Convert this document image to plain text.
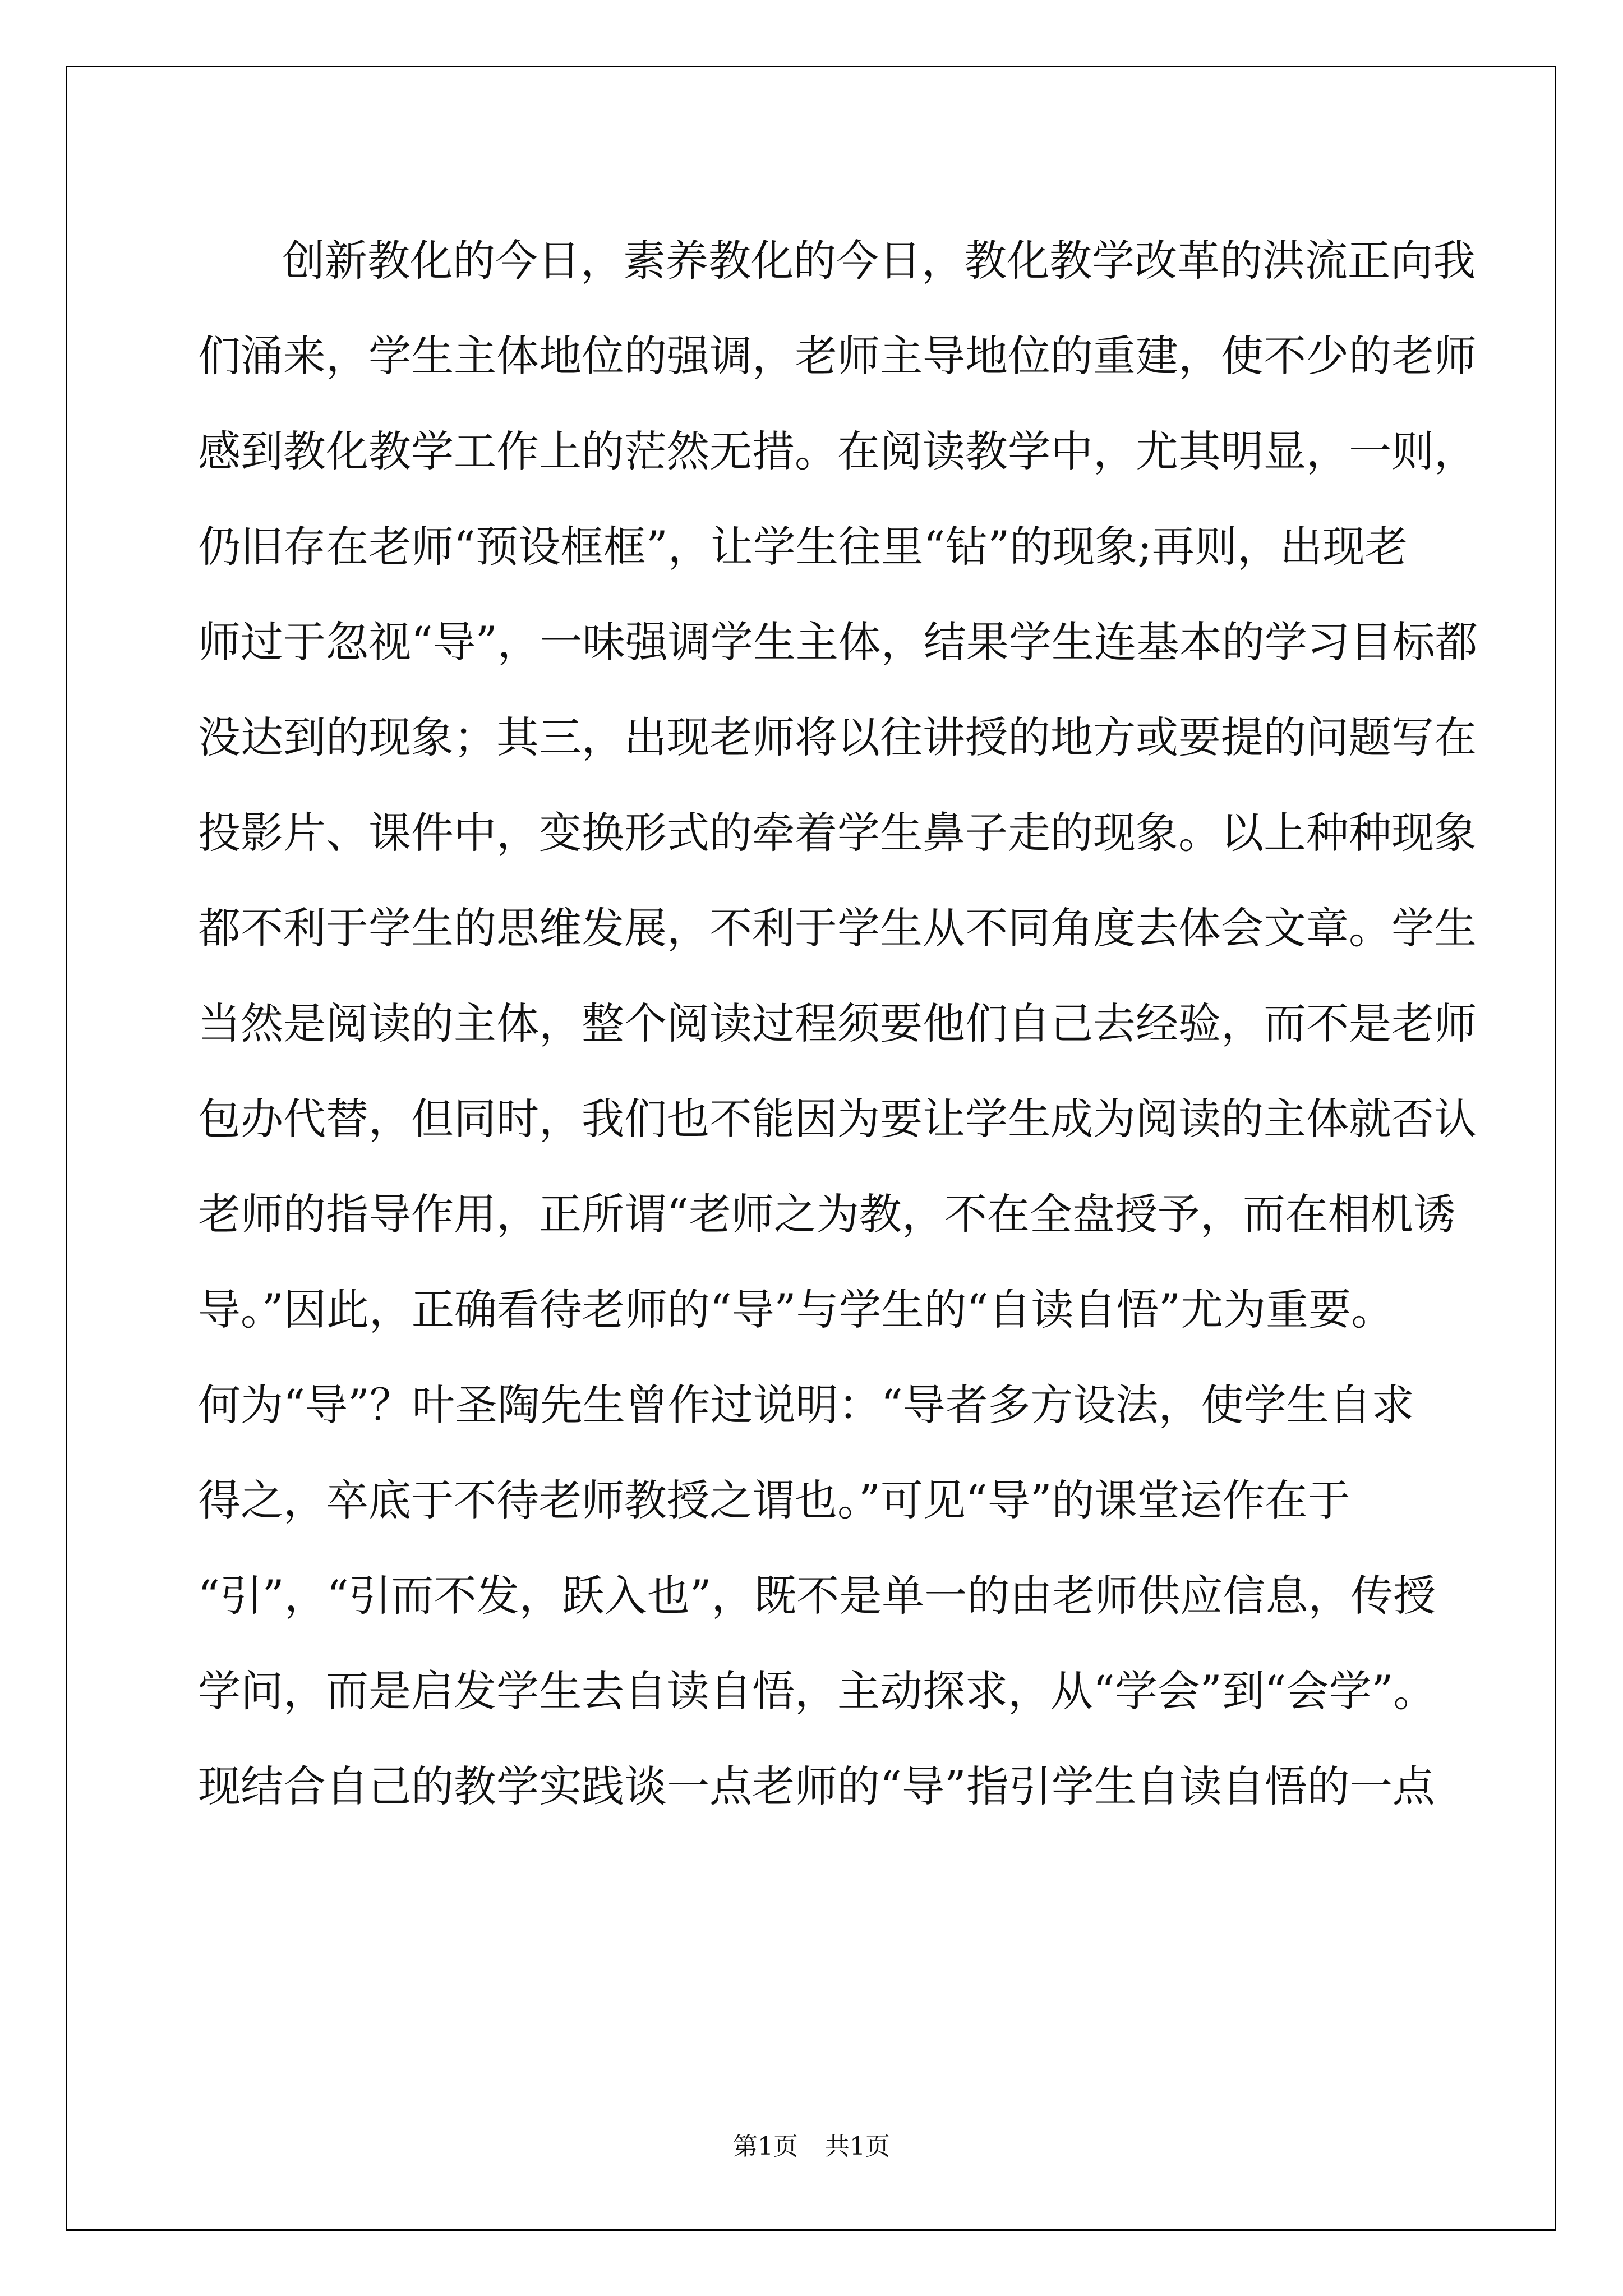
创新教化的今日，素养教化的今日，教化教学改革的洪流正向我
们涌来，学生主体地位的强调，老师主导地位的重建，使不少的老师
感到教化教学工作上的茫然无措。在阅读教学中，尤其明显，一则，
仍旧存在老师“预设框框”，让学生往里“钻”的现象;再则，出现老
师过于忽视“导”，一味强调学生主体，结果学生连基本的学习目标都
没达到的现象；其三，出现老师将以往讲授的地方或要提的问题写在
投影片、课件中，变换形式的牵着学生鼻子走的现象。以上种种现象
都不利于学生的思维发展，不利于学生从不同角度去体会文章。学生
当然是阅读的主体，整个阅读过程须要他们自己去经验，而不是老师
包办代替，但同时，我们也不能因为要让学生成为阅读的主体就否认
老师的指导作用，正所谓“老师之为教，不在全盘授予，而在相机诱
导。”因此，正确看待老师的“导”与学生的“自读自悟”尤为重要。
何为“导”？叶圣陶先生曾作过说明：“导者多方设法，使学生自求
得之，卒底于不待老师教授之谓也。”可见“导”的课堂运作在于
“引”，“引而不发，跃入也”，既不是单一的由老师供应信息，传授
学问，而是启发学生去自读自悟，主动探求，从“学会”到“会学”。
现结合自己的教学实践谈一点老师的“导”指引学生自读自悟的一点
第1页 共1页
